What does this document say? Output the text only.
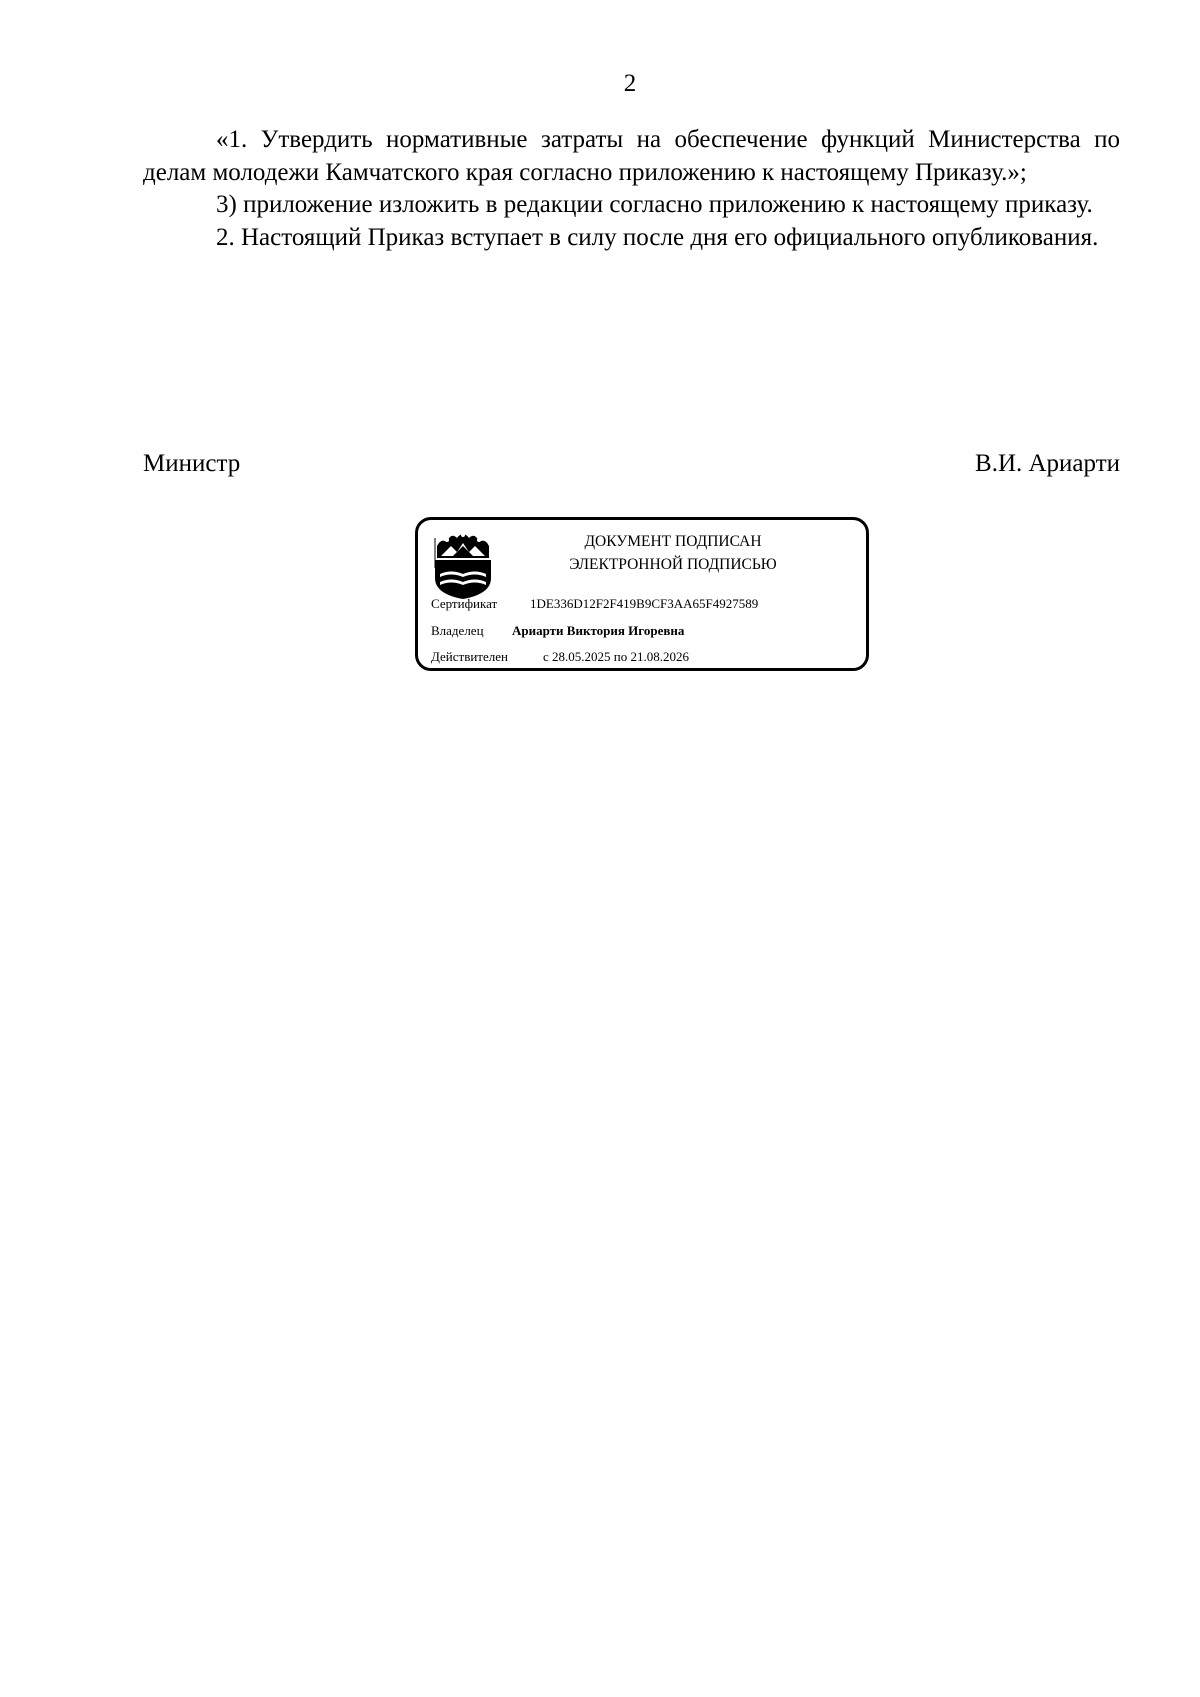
2

«1. Утвердить нормативные затраты на обеспечение функций Министерства по делам молодежи Камчатского края согласно приложению к настоящему Приказу.»;

3) приложение изложить в редакции согласно приложению к настоящему приказу.

2. Настоящий Приказ вступает в силу после дня его официального опубликования.

Министр	В.И. Ариарти
ДОКУМЕНТ ПОДПИСАН
ЭЛЕКТРОННОЙ ПОДПИСЬЮ
Сертификат	1DE336D12F2F419B9CF3AA65F4927589
Владелец Ариарти Виктория Игоревна
Действителен	с 28.05.2025 по 21.08.2026
